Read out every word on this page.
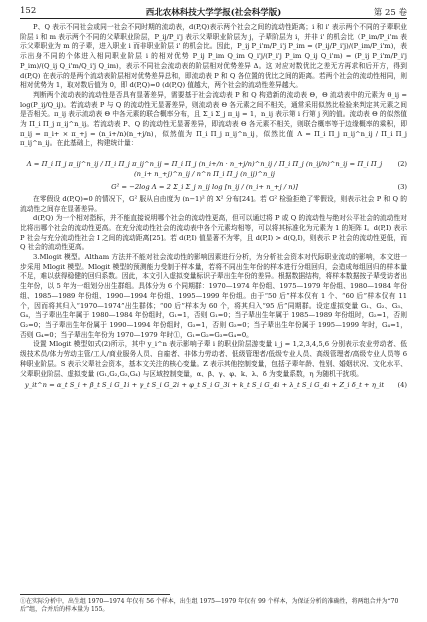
152	西北农林科技大学学报(社会科学版)	第 25 卷

P、Q 表示不同社会或同一社会不同时期的流动表，d(P,Q)表示两个社会之间的流动性距离；i 和 i' 表示两个不同的子辈职业阶层 i 和 m 表示两个不同的父辈职业阶层，P_ij/P_i'j 表示父辈职业阶层为 j，子辈阶层为 i，并非 i' 的机会比（P_im/P_i'm 表示父辈职业为 m 的子辈，进入职业 i 而非职业阶层 i' 的机会比。因此，P_ij P_i'm/P_i'j P_im = (P_ij/P_i'j)/(P_im/P_i'm)，表示出身不同的个体进入相同职业阶层 i 的相对优势 P_ij P_im Q_im Q_i'j/(P_i'j P_im Q_ij Q_i'm) = (P_ij P_i'm/P_i'j P_im)/(Q_ij Q_i'm/Q_i'j Q_im)，表示不同社会流动表的阶层相对优势差异 Δ。这 对应对数优比之差无方再求和后开方，得到 d(P,Q) 在表示的是两个流动表阶层相对优势差异总和，即流动表 P 和 Q 各位置的优比之间的距离。若两个社会的流动性相同，则相对优势为 1，取对数后值为 0，即 d(P,Q)=0 (d(P,Q) 值越大，两个社会的流动性差异越大。

判断两个流动表的流动性是否具有显著差异，需要基于社会流动表 P 和 Q 构造新的流动表 Θ，Θ 流动表中的元素为 θ_ij = log(P_ij/Q_ij)。若流动表 P 与 Q 的流动性无显著差异，则流动表 Θ 各元素之间不相关，通常采用似然比检验来判定其元素之间是否相关。π_ij 表示流动表 Θ 中各元素的联合概率分布，且 Σ_i Σ_j π_ij = 1，n_ij 表示第 i 行第 j 列的值。流动表 Θ 的似然值为 Π_i Π_j π_ij^n_ij。若流动表 P、Q 的流动性无显著差异，即流动表 Θ 各元素不相关，则联合概率等于边缘概率的乘积，即 π_ij = π_i+ × π_+j = (n_i+/n)(n_+j/n)，似然值为 Π_i Π_j π_ij^n_ij，似然比值 Λ = Π_i Π_j π_ij^n_ij / Π_i Π_j π_ij^n_ij。在此基础上，构建统计量：

Λ = Π_i Π_j π_ij^n_ij / Π_i Π_j π_ij^n_ij = Π_i Π_j (n_i+/n · n_+j/n)^n_ij / Π_i Π_j (n_ij/n)^n_ij = Π_i Π_j (n_i+ n_+j)^n_ij / n^n Π_i Π_j (n_ij)^n_ij
(2)
G² = −2log Λ = 2 Σ_i Σ_j n_ij log [n_ij / (n_i+ n_+j / n)]	(3)

在零假设 d(P,Q)=0 的情况下，G² 服从自由度为 (n−1)² 的 X² 分布[24]。若 G² 检验拒绝了零假设，则表示社会 P 和 Q 的流动性之间存在显著差异。

d(P,Q) 为一个相对指标，并不能直接说明哪个社会的流动性更高，但可以通过将 P 或 Q 的流动性与绝对公平社会的流动性对比将出哪个社会的流动性更高。在充分流动性社会的流动表中各个元素均相等，可以将其标准化为元素为 1 的矩阵 I。d(P,I) 表示 P 社会与充分流动性社会 I 之间的流动距离[25]。若 d(P,I) 值显著不为零，且 d(P,I) > d(Q,I)，则表示 P 社会的流动性更低，而 Q 社会的流动性更高。

3.Mlogit 模型。Altham 方法并不能对社会流动性的影响因素进行分析，为分析社会资本对代际职业流动的影响，本文进一步采用 Mlogit 模型。Mlogit 模型的预测能力受制于样本量，若将不同出生年份的样本进行分组回归，会造成每组回归的样本量不足，难以获得稳健的回归系数。因此，本文引入虚拟变量标识子辈出生年份的差异。根据数据结构，将样本数据按子辈受访者出生年份，以 5 年为一组划分出生群组。具体分为 6 个同期群：1970—1974 年份组、1975—1979 年份组、1980—1984 年份组、1985—1989 年份组、1990—1994 年份组、1995—1999 年份组。由于“50 后”样本仅有 1 个、“60 后”样本仅有 11 个，因而将其归入“1970—1974”出生群体；“00 后”样本为 60 个，将其归入“95 后”同期群。设定虚拟变量 G₁、G₂、G₃、G₄，当子辈出生年属于 1980—1984 年份组时，G₁=1，否则 G₁=0；当子辈出生年属于 1985—1989 年份组时，G₂=1，否则 G₂=0；当子辈出生年份属于 1990—1994 年份组时，G₃=1，否则 G₃=0；当子辈出生年份属于 1995—1999 年时，G₄=1，否则 G₄=0；当子辈出生年份为 1970—1979 年时①，G₁=G₂=G₃=G₄=0。

设置 Mlogit 模型如式(2)所示，其中 y_i^n 表示影响子辈 i 的职业阶层游变量 i_j = 1,2,3,4,5,6 分别表示农业劳动者、低级技术员/体力劳动主管/工人/商业服务人员、自雇者、非体力劳动者、低级管理者/低级专业人员、高级管理者/高级专业人员等 6 种职业阶层。S 表示父辈社会资本，基本文关注的核心变量。Z 表示其他控制变量，包括子辈年龄、性别、婚姻状况、文化水平、父辈职业阶层、虚拟变量 (G₁,G₂,G₃,G₄) 与区域控制变量，α、β、γ、φ、k、λ、δ 为变量系数，η 为随机干扰项。

y_it^n = α_t S_i + β_t S_i G_1i + γ_t S_i G_2i + φ_t S_i G_3i + k_t S_i G_4i + λ_t S_i G_4i + Z_i δ_t + η_it	(4)
①在实际分析中，出生组 1970—1974 年仅有 56 个样本，出生组 1975—1979 年仅有 99 个样本，为保证分析的准确性，将两组合并为“70 后”组，合并后的样本量为 155。
